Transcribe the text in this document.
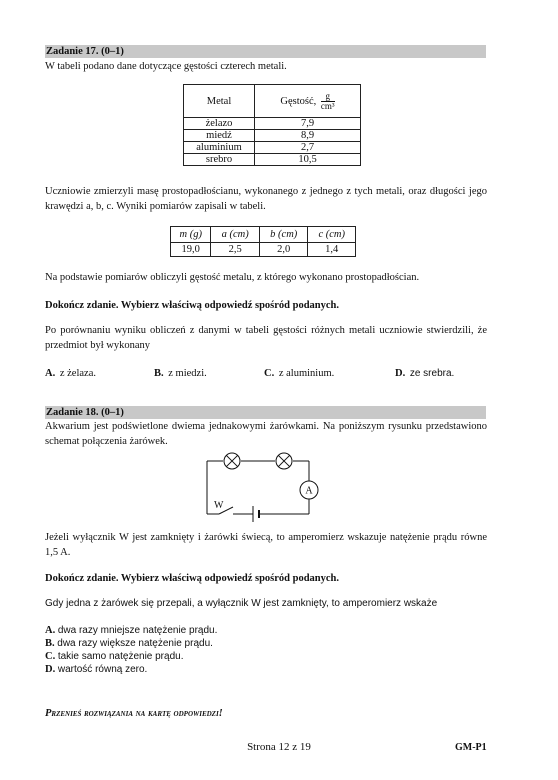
Zadanie 17. (0–1)
W tabeli podano dane dotyczące gęstości czterech metali.
Metal	Gęstość, $\frac{g}{\text{cm³}}$

żelazo	7,9
miedź	8,9
aluminium	2,7
srebro	10,5
Uczniowie zmierzyli masę prostopadłościanu, wykonanego z jednego z tych metali, oraz długości jego krawędzi a, b, c. Wyniki pomiarów zapisali w tabeli.
m (g)	a (cm)	b (cm)	c (cm)
19,0	2,5	2,0	1,4
Na podstawie pomiarów obliczyli gęstość metalu, z którego wykonano prostopadłościan.
Dokończ zdanie. Wybierz właściwą odpowiedź spośród podanych.
Po porównaniu wyniku obliczeń z danymi w tabeli gęstości różnych metali uczniowie stwierdzili, że przedmiot był wykonany
A. z żelaza.	B. z miedzi.	C. z aluminium.	D. ze srebra.
Zadanie 18. (0–1)
Akwarium jest podświetlone dwiema jednakowymi żarówkami. Na poniższym rysunku przedstawiono schemat połączenia żarówek.
A
W
Jeżeli wyłącznik W jest zamknięty i żarówki świecą, to amperomierz wskazuje natężenie prądu równe 1,5 A.
Dokończ zdanie. Wybierz właściwą odpowiedź spośród podanych.
Gdy jedna z żarówek się przepali, a wyłącznik W jest zamknięty, to amperomierz wskaże
A. dwa razy mniejsze natężenie prądu.
B. dwa razy większe natężenie prądu.
C. takie samo natężenie prądu.
D. wartość równą zero.
Przenieś rozwiązania na kartę odpowiedzi!
Strona 12 z 19	GM-P1
